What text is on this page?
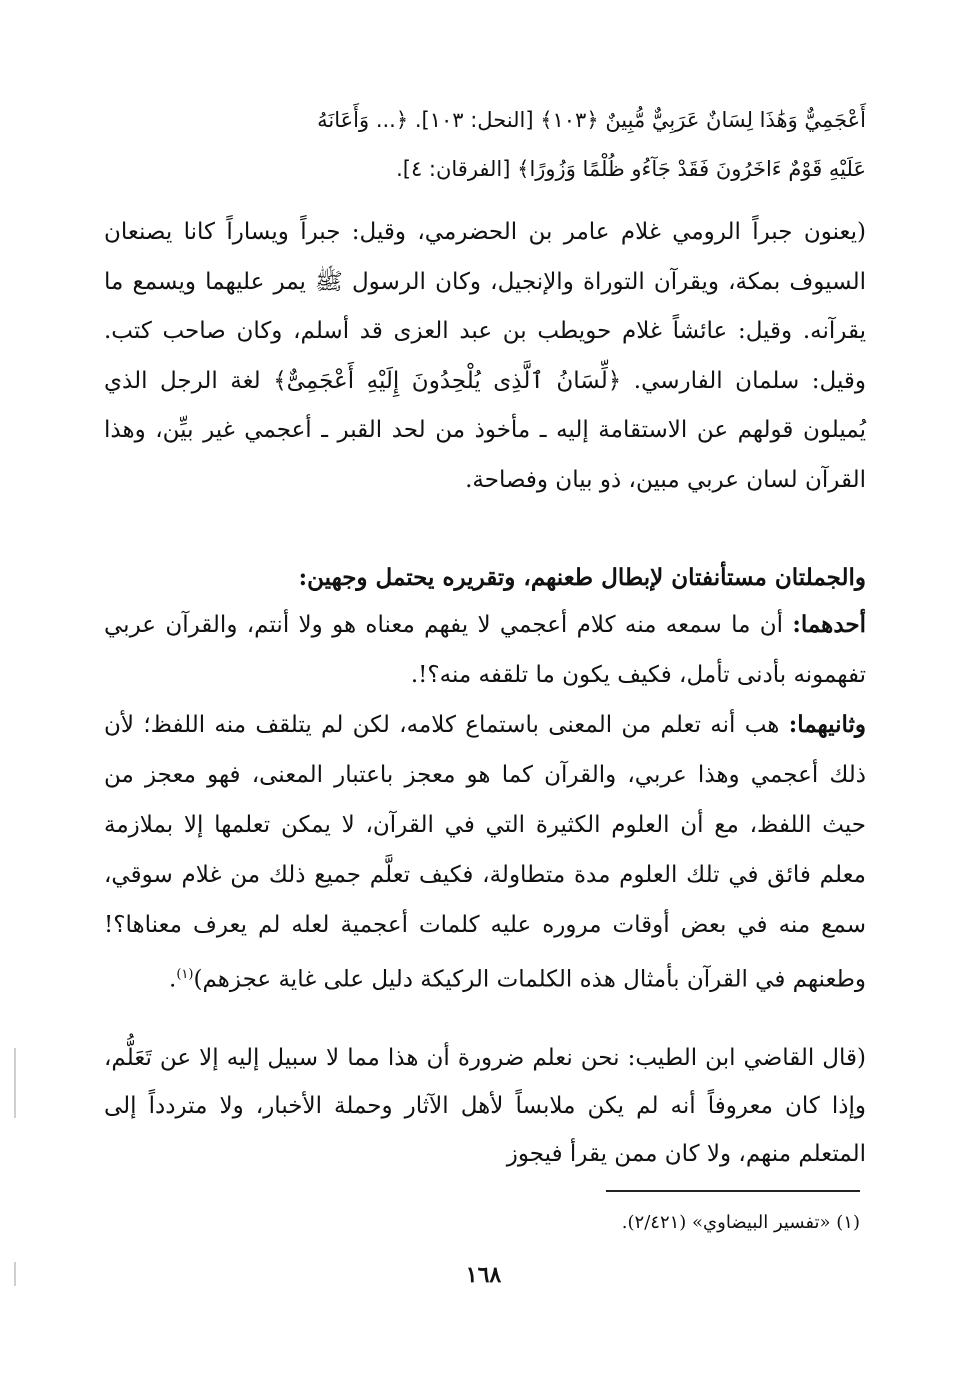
أَعْجَمِيٌّ وَهَٰذَا لِسَانٌ عَرَبِيٌّ مُّبِينٌ ﴿١٠٣﴾ [النحل: ١٠٣]. ﴿... وَأَعَانَهُ
عَلَيْهِ قَوْمٌ ءَاخَرُونَ فَقَدْ جَآءُو ظُلْمًا وَزُورًا﴾ [الفرقان: ٤].
(يعنون جبراً الرومي غلام عامر بن الحضرمي، وقيل: جبراً ويساراً كانا يصنعان السيوف بمكة، ويقرآن التوراة والإنجيل، وكان الرسول ﷺ يمر عليهما ويسمع ما يقرآنه. وقيل: عائشاً غلام حويطب بن عبد العزى قد أسلم، وكان صاحب كتب. وقيل: سلمان الفارسي. ﴿لِّسَانُ ٱلَّذِى يُلْحِدُونَ إِلَيْهِ أَعْجَمِىٌّ﴾ لغة الرجل الذي يُميلون قولهم عن الاستقامة إليه ـ مأخوذ من لحد القبر ـ أعجمي غير بيِّن، وهذا القرآن لسان عربي مبين، ذو بيان وفصاحة.
والجملتان مستأنفتان لإبطال طعنهم، وتقريره يحتمل وجهين:
أحدهما: أن ما سمعه منه كلام أعجمي لا يفهم معناه هو ولا أنتم، والقرآن عربي تفهمونه بأدنى تأمل، فكيف يكون ما تلقفه منه؟!.
وثانيهما: هب أنه تعلم من المعنى باستماع كلامه، لكن لم يتلقف منه اللفظ؛ لأن ذلك أعجمي وهذا عربي، والقرآن كما هو معجز باعتبار المعنى، فهو معجز من حيث اللفظ، مع أن العلوم الكثيرة التي في القرآن، لا يمكن تعلمها إلا بملازمة معلم فائق في تلك العلوم مدة متطاولة، فكيف تعلَّم جميع ذلك من غلام سوقي، سمع منه في بعض أوقات مروره عليه كلمات أعجمية لعله لم يعرف معناها؟! وطعنهم في القرآن بأمثال هذه الكلمات الركيكة دليل على غاية عجزهم)$^{(١)}$.
(قال القاضي ابن الطيب: نحن نعلم ضرورة أن هذا مما لا سبيل إليه إلا عن تَعَلُّم، وإذا كان معروفاً أنه لم يكن ملابساً لأهل الآثار وحملة الأخبار، ولا متردداً إلى المتعلم منهم، ولا كان ممن يقرأ فيجوز
(١) «تفسير البيضاوي» (٢/٤٢١).
١٦٨
